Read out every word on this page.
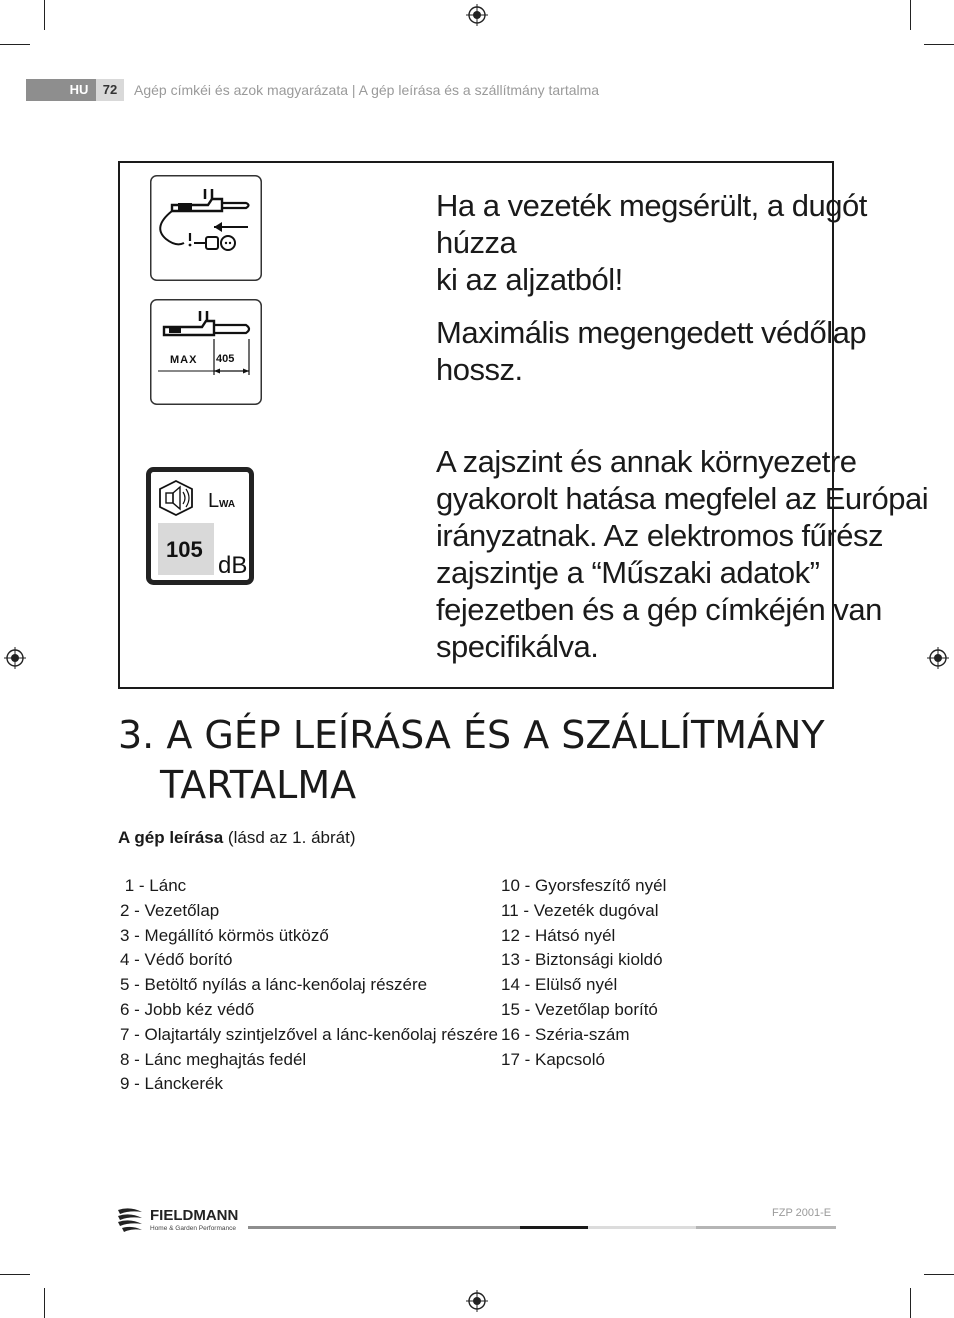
HU	72	Agép címkéi és azok magyarázata | A gép leírása és a szállítmány tartalma
Ha a vezeték megsérült, a dugót húzza
ki az aljzatból!
MAX 405
Maximális megengedett védőlap
hossz.
L WA
105
dB
A zajszint és annak környezetre
gyakorolt hatása megfelel az Európai
irányzatnak. Az elektromos fűrész
zajszintje a “Műszaki adatok”
fejezetben és a gép címkéjén van
specifikálva.
3. A GÉP LEÍRÁSA ÉS A SZÁLLÍTMÁNY
TARTALMA
A gép leírása (lásd az 1. ábrát)
1 - Lánc
2 - Vezetőlap
3 - Megállító körmös ütköző
4 - Védő borító
5 - Betöltő nyílás a lánc-kenőolaj részére
6 - Jobb kéz védő
7 - Olajtartály szintjelzővel a lánc-kenőolaj részére
8 - Lánc meghajtás fedél
9 - Lánckerék
10 - Gyorsfeszítő nyél
11 - Vezeték dugóval
12 - Hátsó nyél
13 - Biztonsági kioldó
14 - Elülső nyél
15 - Vezetőlap borító
16 - Széria-szám
17 - Kapcsoló
FIELDMANN
Home & Garden Performance
FZP 2001-E
